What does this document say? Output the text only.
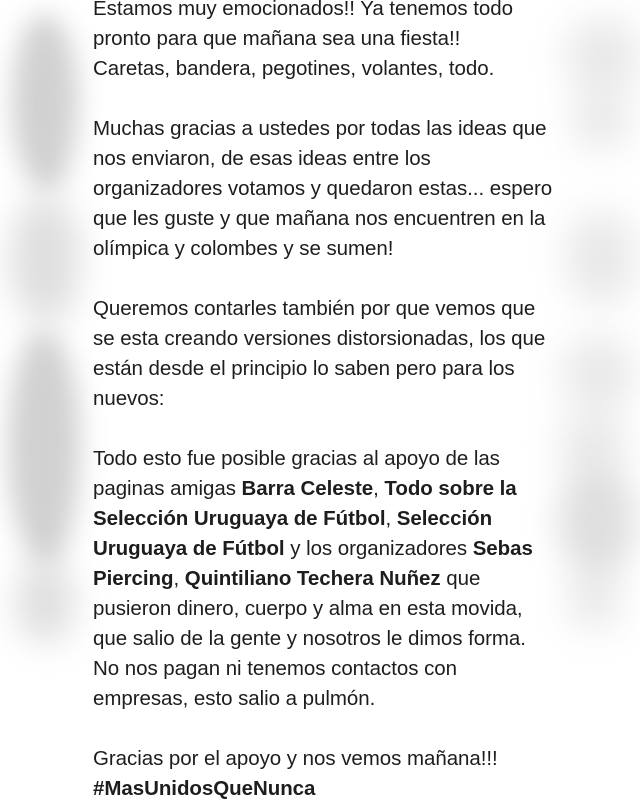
Estamos muy emocionados!! Ya tenemos todo pronto para que mañana sea una fiesta!!
Caretas, bandera, pegotines, volantes, todo.

Muchas gracias a ustedes por todas las ideas que nos enviaron, de esas ideas entre los organizadores votamos y quedaron estas... espero que les guste y que mañana nos encuentren en la olímpica y colombes y se sumen!

Queremos contarles también por que vemos que se esta creando versiones distorsionadas, los que están desde el principio lo saben pero para los nuevos:

Todo esto fue posible gracias al apoyo de las paginas amigas Barra Celeste, Todo sobre la Selección Uruguaya de Fútbol, Selección Uruguaya de Fútbol y los organizadores Sebas Piercing, Quintiliano Techera Nuñez que pusieron dinero, cuerpo y alma en esta movida, que salio de la gente y nosotros le dimos forma.
No nos pagan ni tenemos contactos con empresas, esto salio a pulmón.

Gracias por el apoyo y nos vemos mañana!!!
#MasUnidosQueNunca
